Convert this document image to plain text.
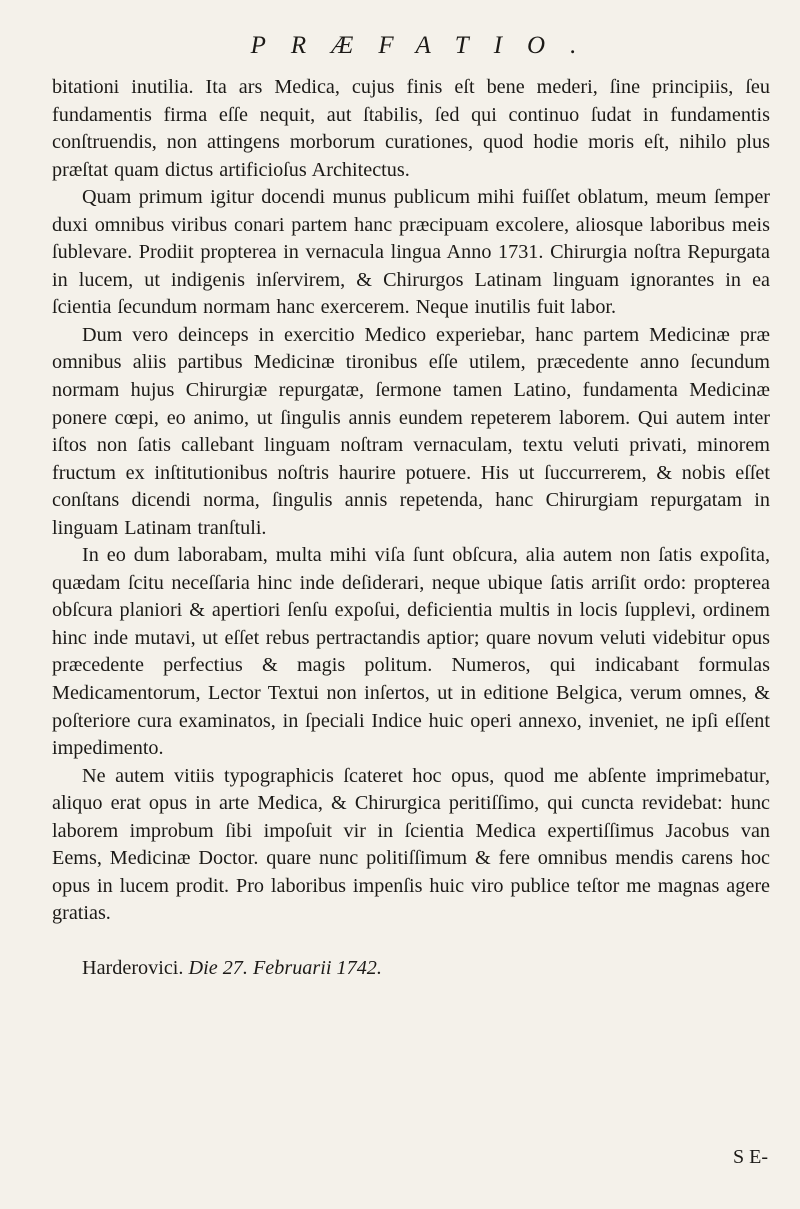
PRÆFATIO.

bitationi inutilia. Ita ars Medica, cujus finis eſt bene mederi, ſine principiis, ſeu fundamentis firma eſſe nequit, aut ſtabilis, ſed qui continuo ſudat in fundamentis conſtruendis, non attingens morborum curationes, quod hodie moris eſt, nihilo plus præſtat quam dictus artificioſus Architectus.

Quam primum igitur docendi munus publicum mihi fuiſſet oblatum, meum ſemper duxi omnibus viribus conari partem hanc præcipuam excolere, aliosque laboribus meis ſublevare. Prodiit propterea in vernacula lingua Anno 1731. Chirurgia noſtra Repurgata in lucem, ut indigenis inſervirem, & Chirurgos Latinam linguam ignorantes in ea ſcientia ſecundum normam hanc exercerem. Neque inutilis fuit labor.

Dum vero deinceps in exercitio Medico experiebar, hanc partem Medicinæ præ omnibus aliis partibus Medicinæ tironibus eſſe utilem, præcedente anno ſecundum normam hujus Chirurgiæ repurgatæ, ſermone tamen Latino, fundamenta Medicinæ ponere cœpi, eo animo, ut ſingulis annis eundem repeterem laborem. Qui autem inter iſtos non ſatis callebant linguam noſtram vernaculam, textu veluti privati, minorem fructum ex inſtitutionibus noſtris haurire potuere. His ut ſuccurrerem, & nobis eſſet conſtans dicendi norma, ſingulis annis repetenda, hanc Chirurgiam repurgatam in linguam Latinam tranſtuli.

In eo dum laborabam, multa mihi viſa ſunt obſcura, alia autem non ſatis expoſita, quædam ſcitu neceſſaria hinc inde deſiderari, neque ubique ſatis arriſit ordo: propterea obſcura planiori & apertiori ſenſu expoſui, deficientia multis in locis ſupplevi, ordinem hinc inde mutavi, ut eſſet rebus pertractandis aptior; quare novum veluti videbitur opus præcedente perfectius & magis politum. Numeros, qui indicabant formulas Medicamentorum, Lector Textui non inſertos, ut in editione Belgica, verum omnes, & poſteriore cura examinatos, in ſpeciali Indice huic operi annexo, inveniet, ne ipſi eſſent impedimento.

Ne autem vitiis typographicis ſcateret hoc opus, quod me abſente imprimebatur, aliquo erat opus in arte Medica, & Chirurgica peritiſſimo, qui cuncta revidebat: hunc laborem improbum ſibi impoſuit vir in ſcientia Medica expertiſſimus Jacobus van Eems, Medicinæ Doctor. quare nunc politiſſimum & fere omnibus mendis carens hoc opus in lucem prodit. Pro laboribus impenſis huic viro publice teſtor me magnas agere gratias.

Harderovici. Die 27. Februarii 1742.
S E-
